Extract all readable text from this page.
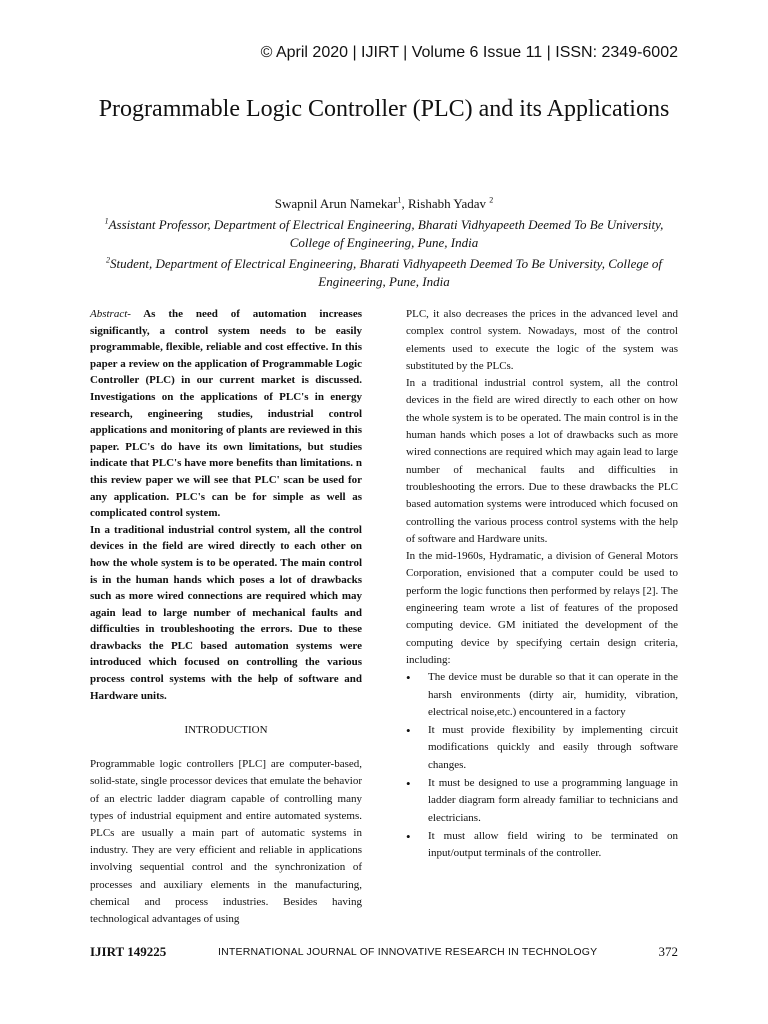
© April 2020 | IJIRT | Volume 6 Issue 11 | ISSN: 2349-6002
Programmable Logic Controller (PLC) and its Applications
Swapnil Arun Namekar$^1$, Rishabh Yadav $^2$
$^1$Assistant Professor, Department of Electrical Engineering, Bharati Vidhyapeeth Deemed To Be University, College of Engineering, Pune, India
$^2$Student, Department of Electrical Engineering, Bharati Vidhyapeeth Deemed To Be University, College of Engineering, Pune, India

Abstract- As the need of automation increases significantly, a control system needs to be easily programmable, flexible, reliable and cost effective. In this paper a review on the application of Programmable Logic Controller (PLC) in our current market is discussed. Investigations on the applications of PLC's in energy research, engineering studies, industrial control applications and monitoring of plants are reviewed in this paper. PLC's do have its own limitations, but studies indicate that PLC's have more benefits than limitations. n this review paper we will see that PLC' scan be used for any application. PLC's can be for simple as well as complicated control system.

In a traditional industrial control system, all the control devices in the field are wired directly to each other on how the whole system is to be operated. The main control is in the human hands which poses a lot of drawbacks such as more wired connections are required which may again lead to large number of mechanical faults and difficulties in troubleshooting the errors. Due to these drawbacks the PLC based automation systems were introduced which focused on controlling the various process control systems with the help of software and Hardware units.

INTRODUCTION

Programmable logic controllers [PLC] are computer-based, solid-state, single processor devices that emulate the behavior of an electric ladder diagram capable of controlling many types of industrial equipment and entire automated systems. PLCs are usually a main part of automatic systems in industry. They are very efficient and reliable in applications involving sequential control and the synchronization of processes and auxiliary elements in the manufacturing, chemical and process industries. Besides having technological advantages of using

PLC, it also decreases the prices in the advanced level and complex control system. Nowadays, most of the control elements used to execute the logic of the system was substituted by the PLCs.

In a traditional industrial control system, all the control devices in the field are wired directly to each other on how the whole system is to be operated. The main control is in the human hands which poses a lot of drawbacks such as more wired connections are required which may again lead to large number of mechanical faults and difficulties in troubleshooting the errors. Due to these drawbacks the PLC based automation systems were introduced which focused on controlling the various process control systems with the help of software and Hardware units.

In the mid-1960s, Hydramatic, a division of General Motors Corporation, envisioned that a computer could be used to perform the logic functions then performed by relays [2]. The engineering team wrote a list of features of the proposed computing device. GM initiated the development of the computing device by specifying certain design criteria, including:

• The device must be durable so that it can operate in the harsh environments (dirty air, humidity, vibration, electrical noise,etc.) encountered in a factory
• It must provide flexibility by implementing circuit modifications quickly and easily through software changes.
• It must be designed to use a programming language in ladder diagram form already familiar to technicians and electricians.
• It must allow field wiring to be terminated on input/output terminals of the controller.
IJIRT 149225	INTERNATIONAL JOURNAL OF INNOVATIVE RESEARCH IN TECHNOLOGY	372
